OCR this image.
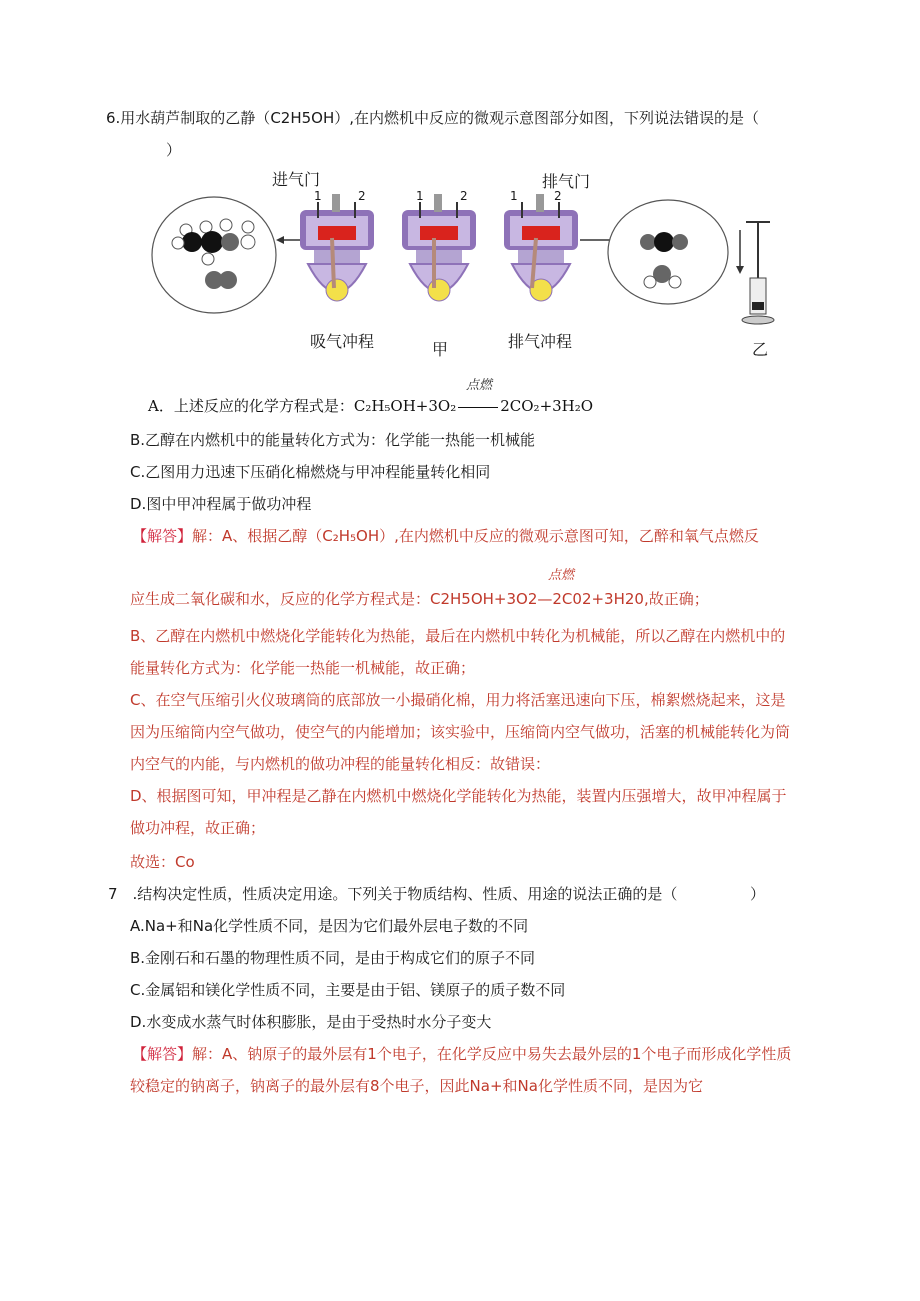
6.用水葫芦制取的乙静（C2H5OH）,在内燃机中反应的微观示意图部分如图，下列说法错误的是（
）
进气门	排气门
1	2	1	2	1	2
吸气冲程	甲	排气冲程	乙
点燃
A．上述反应的化学方程式是：C₂H₅OH+3O₂	2CO₂+3H₂O
B.乙醇在内燃机中的能量转化方式为：化学能一热能一机械能
C.乙图用力迅速下压硝化棉燃烧与甲冲程能量转化相同
D.图中甲冲程属于做功冲程
【解答】解：A、根据乙醇（C₂H₅OH）,在内燃机中反应的微观示意图可知，乙醉和氧气点燃反
点燃
应生成二氧化碳和水，反应的化学方程式是：C2H5OH+3O2—2C02+3H20,故正确；
B、乙醇在内燃机中燃烧化学能转化为热能，最后在内燃机中转化为机械能，所以乙醇在内燃机中的
能量转化方式为：化学能一热能一机械能，故正确；
C、在空气压缩引火仪玻璃筒的底部放一小撮硝化棉，用力将活塞迅速向下压，棉絮燃烧起来，这是
因为压缩筒内空气做功，使空气的内能增加；该实验中，压缩筒内空气做功，活塞的机械能转化为筒
内空气的内能，与内燃机的做功冲程的能量转化相反：故错误：
D、根据图可知，甲冲程是乙静在内燃机中燃烧化学能转化为热能，装置内压强增大，故甲冲程属于
做功冲程，故正确；
故选：Co
7　.结构决定性质，性质决定用途。下列关于物质结构、性质、用途的说法正确的是（	）
A.Na+和Na化学性质不同，是因为它们最外层电子数的不同
B.金刚石和石墨的物理性质不同，是由于构成它们的原子不同
C.金属铝和镁化学性质不同，主要是由于铝、镁原子的质子数不同
D.水变成水蒸气时体积膨胀，是由于受热时水分子变大
【解答】解：A、钠原子的最外层有1个电子，在化学反应中易失去最外层的1个电子而形成化学性质
较稳定的钠离子，钠离子的最外层有8个电子，因此Na+和Na化学性质不同，是因为它
